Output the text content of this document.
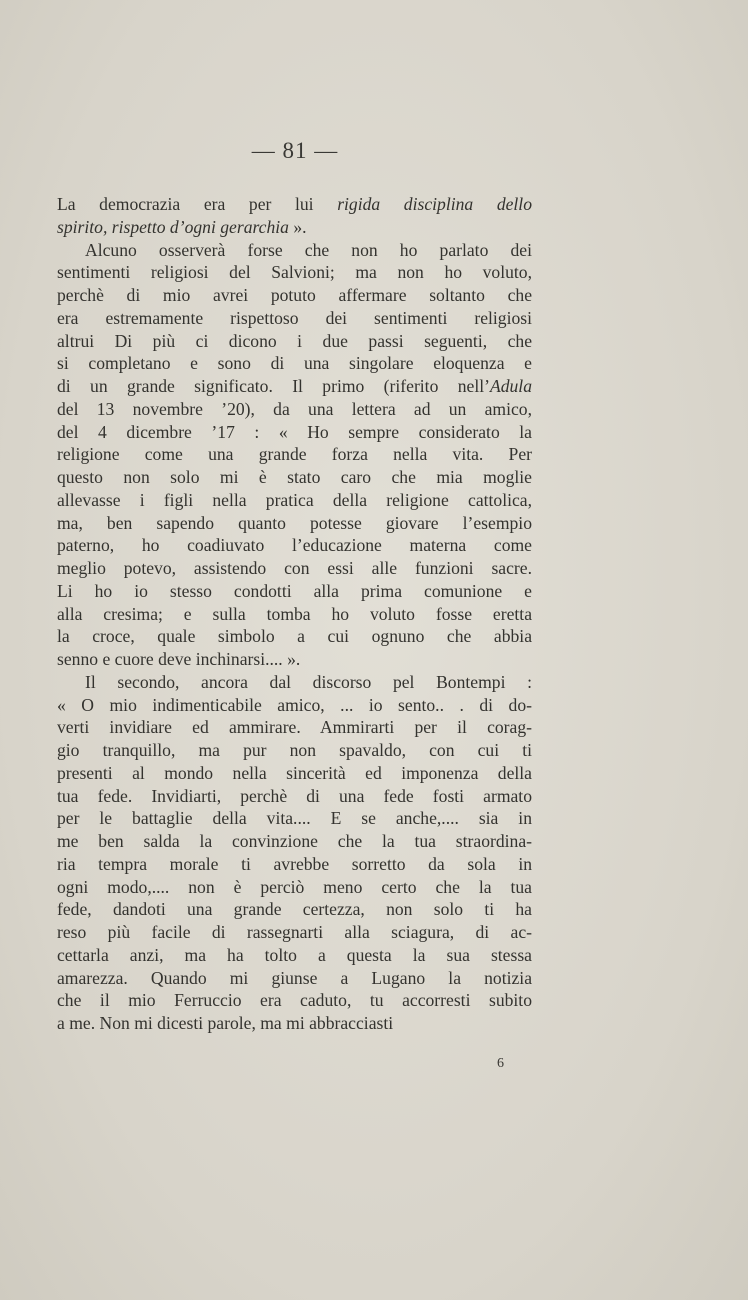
— 81 —
La democrazia era per lui rigida disciplina dello
spirito, rispetto d’ogni gerarchia ».
Alcuno osserverà forse che non ho parlato dei
sentimenti religiosi del Salvioni; ma non ho voluto,
perchè di mio avrei potuto affermare soltanto che
era estremamente rispettoso dei sentimenti religiosi
altrui Di più ci dicono i due passi seguenti, che
si completano e sono di una singolare eloquenza e
di un grande significato. Il primo (riferito nell’Adula
del 13 novembre ’20), da una lettera ad un amico,
del 4 dicembre ’17 : « Ho sempre considerato la
religione come una grande forza nella vita. Per
questo non solo mi è stato caro che mia moglie
allevasse i figli nella pratica della religione cattolica,
ma, ben sapendo quanto potesse giovare l’esempio
paterno, ho coadiuvato l’educazione materna come
meglio potevo, assistendo con essi alle funzioni sacre.
Li ho io stesso condotti alla prima comunione e
alla cresima; e sulla tomba ho voluto fosse eretta
la croce, quale simbolo a cui ognuno che abbia
senno e cuore deve inchinarsi.... ».
Il secondo, ancora dal discorso pel Bontempi :
« O mio indimenticabile amico, ... io sento.. . di do-
verti invidiare ed ammirare. Ammirarti per il corag-
gio tranquillo, ma pur non spavaldo, con cui ti
presenti al mondo nella sincerità ed imponenza della
tua fede. Invidiarti, perchè di una fede fosti armato
per le battaglie della vita.... E se anche,.... sia in
me ben salda la convinzione che la tua straordina-
ria tempra morale ti avrebbe sorretto da sola in
ogni modo,.... non è perciò meno certo che la tua
fede, dandoti una grande certezza, non solo ti ha
reso più facile di rassegnarti alla sciagura, di ac-
cettarla anzi, ma ha tolto a questa la sua stessa
amarezza. Quando mi giunse a Lugano la notizia
che il mio Ferruccio era caduto, tu accorresti subito
a me. Non mi dicesti parole, ma mi abbracciasti
6
